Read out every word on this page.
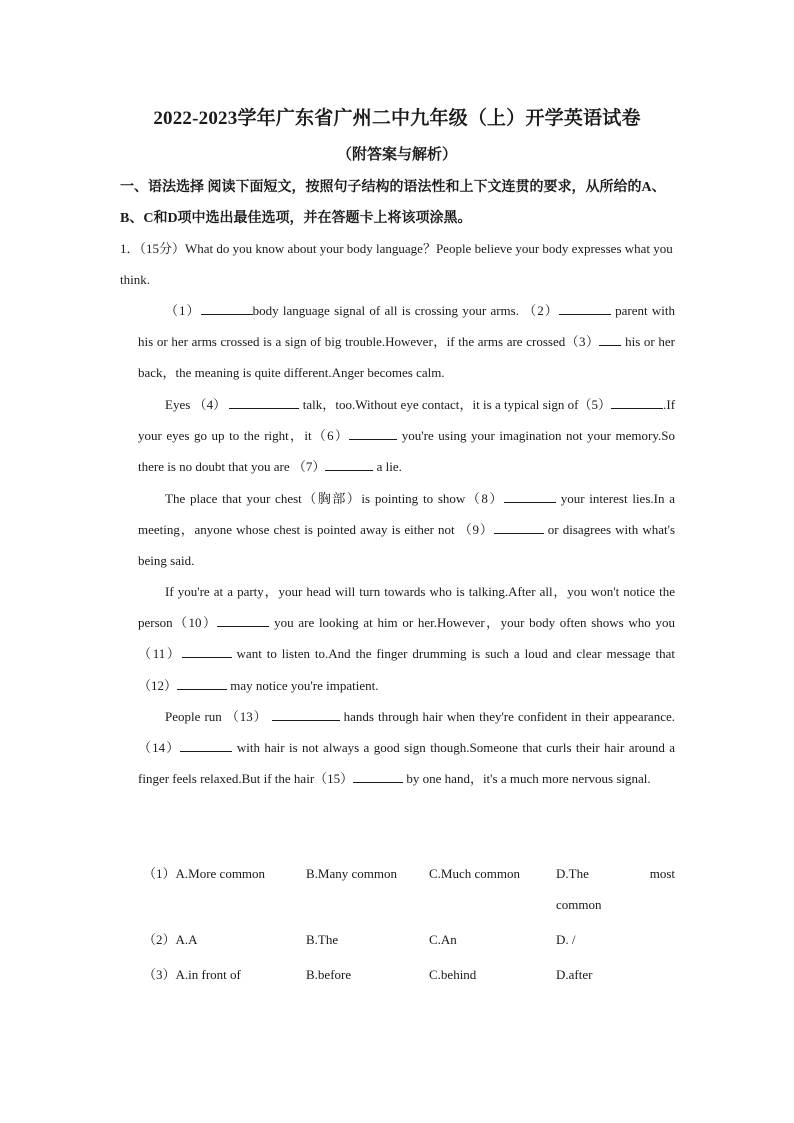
2022-2023学年广东省广州二中九年级（上）开学英语试卷
（附答案与解析）
一、语法选择 阅读下面短文，按照句子结构的语法性和上下文连贯的要求，从所给的A、B、C和D项中选出最佳选项，并在答题卡上将该项涂黑。
1．（15分）What do you know about your body language？People believe your body expresses what you think.

（1）	body language signal of all is crossing your arms. （2）	parent with his or her arms crossed is a sign of big trouble.However，if the arms are crossed（3） his or her back，the meaning is quite different.Anger becomes calm.

Eyes （4）	talk，too.Without eye contact，it is a typical sign of（5）	.If your eyes go up to the right，it（6）	you're using your imagination not your memory.So there is no doubt that you are （7）	a lie.

The place that your chest（胸部）is pointing to show（8）	your interest lies.In a meeting，anyone whose chest is pointed away is either not （9）	or disagrees with what's being said.

If you're at a party，your head will turn towards who is talking.After all，you won't notice the person（10）	you are looking at him or her.However，your body often shows who you （11）	want to listen to.And the finger drumming is such a loud and clear message that （12）	may notice you're impatient.

People run （13）	hands through hair when they're confident in their appearance. （14）	with hair is not always a good sign though.Someone that curls their hair around a finger feels relaxed.But if the hair（15）	by one hand，it's a much more nervous signal.

（1）A.More common	B.Many common C.Much common	D.The	most
common
（2）A.A	B.The	C.An	D. /
（3）A.in front of	B.before	C.behind	D.after
